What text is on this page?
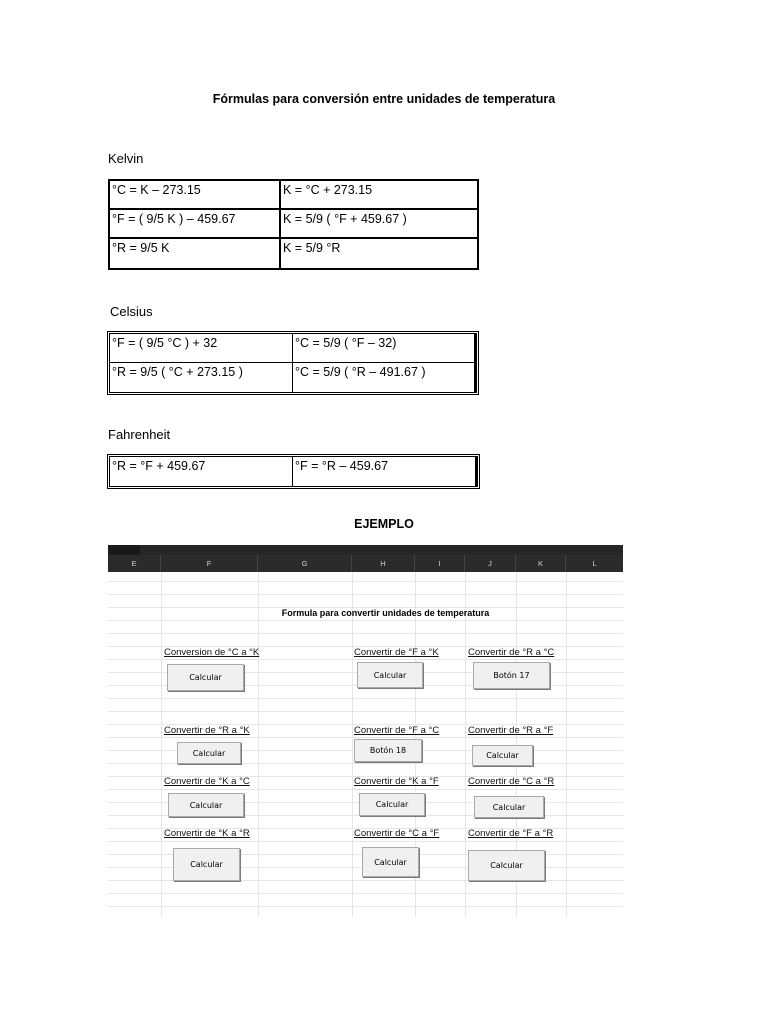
Fórmulas para conversión entre unidades de temperatura
Kelvin
°C = K – 273.15	K = °C + 273.15
°F = ( 9/5 K ) – 459.67	K = 5/9 ( °F + 459.67 )
°R = 9/5 K	K = 5/9 °R
Celsius
°F = ( 9/5 °C ) + 32	°C = 5/9 ( °F – 32)
°R = 9/5 ( °C + 273.15 )	°C = 5/9 ( °R – 491.67 )
Fahrenheit
°R = °F + 459.67	°F = °R – 459.67
EJEMPLO
E	F	G	H	I	J	K	L
Formula para convertir unidades de temperatura
Conversion de °C a °K	Convertir de °F a °K	Convertir de °R a °C
Calcular	Calcular	Botón 17
Convertir de °R a °K	Convertir de °F a °C	Convertir de °R a °F
Calcular	Botón 18
Calcular
Convertir de °K a °C	Convertir de °K a °F	Convertir de °C a °R
Calcular	Calcular	Calcular
Convertir de °K a °R	Convertir de °C a °F	Convertir de °F a °R
Calcular	Calcular	Calcular
